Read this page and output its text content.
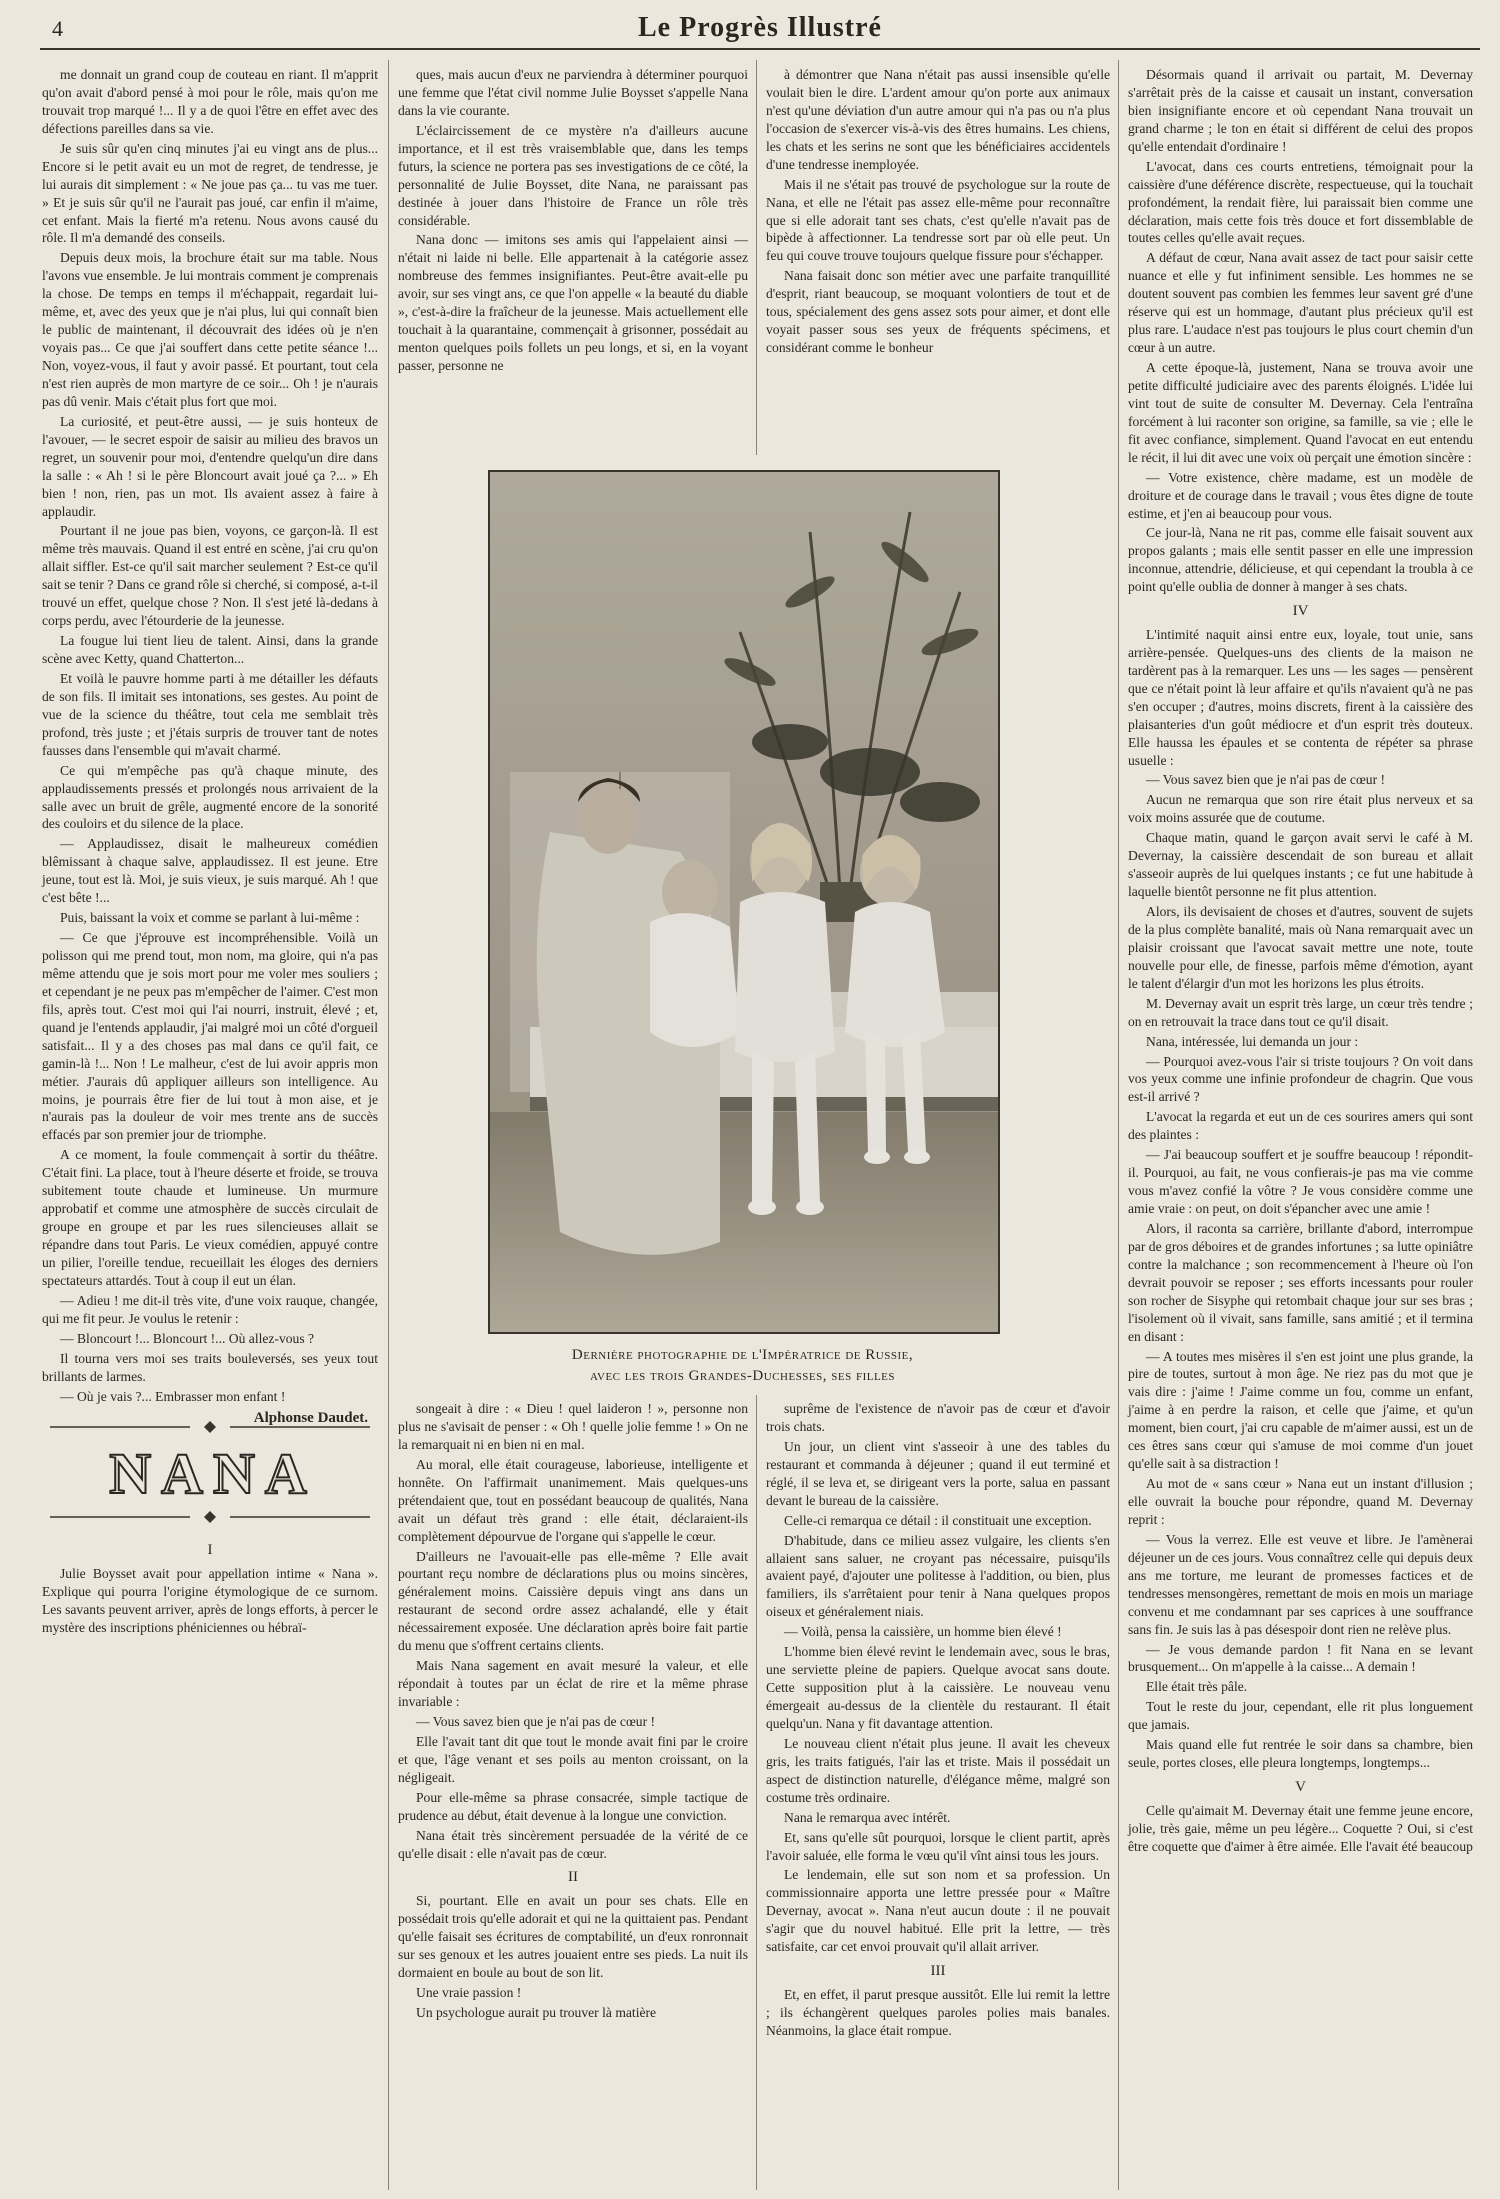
4	Le Progrès Illustré

me donnait un grand coup de couteau en riant. Il m'apprit qu'on avait d'abord pensé à moi pour le rôle, mais qu'on me trouvait trop marqué !... Il y a de quoi l'être en effet avec des défections pareilles dans sa vie.

Je suis sûr qu'en cinq minutes j'ai eu vingt ans de plus... Encore si le petit avait eu un mot de regret, de tendresse, je lui aurais dit simplement : « Ne joue pas ça... tu vas me tuer. » Et je suis sûr qu'il ne l'aurait pas joué, car enfin il m'aime, cet enfant. Mais la fierté m'a retenu. Nous avons causé du rôle. Il m'a demandé des conseils.

Depuis deux mois, la brochure était sur ma table. Nous l'avons vue ensemble. Je lui montrais comment je comprenais la chose. De temps en temps il m'échappait, regardait lui-même, et, avec des yeux que je n'ai plus, lui qui connaît bien le public de maintenant, il découvrait des idées où je n'en voyais pas... Ce que j'ai souffert dans cette petite séance !... Non, voyez-vous, il faut y avoir passé. Et pourtant, tout cela n'est rien auprès de mon martyre de ce soir... Oh ! je n'aurais pas dû venir. Mais c'était plus fort que moi.

La curiosité, et peut-être aussi, — je suis honteux de l'avouer, — le secret espoir de saisir au milieu des bravos un regret, un souvenir pour moi, d'entendre quelqu'un dire dans la salle : « Ah ! si le père Bloncourt avait joué ça ?... » Eh bien ! non, rien, pas un mot. Ils avaient assez à faire à applaudir.

Pourtant il ne joue pas bien, voyons, ce garçon-là. Il est même très mauvais. Quand il est entré en scène, j'ai cru qu'on allait siffler. Est-ce qu'il sait marcher seulement ? Est-ce qu'il sait se tenir ? Dans ce grand rôle si cherché, si composé, a-t-il trouvé un effet, quelque chose ? Non. Il s'est jeté là-dedans à corps perdu, avec l'étourderie de la jeunesse.

La fougue lui tient lieu de talent. Ainsi, dans la grande scène avec Ketty, quand Chatterton...

Et voilà le pauvre homme parti à me détailler les défauts de son fils. Il imitait ses intonations, ses gestes. Au point de vue de la science du théâtre, tout cela me semblait très profond, très juste ; et j'étais surpris de trouver tant de notes fausses dans l'ensemble qui m'avait charmé.

Ce qui m'empêche pas qu'à chaque minute, des applaudissements pressés et prolongés nous arrivaient de la salle avec un bruit de grêle, augmenté encore de la sonorité des couloirs et du silence de la place.

— Applaudissez, disait le malheureux comédien blêmissant à chaque salve, applaudissez. Il est jeune. Etre jeune, tout est là. Moi, je suis vieux, je suis marqué. Ah ! que c'est bête !...

Puis, baissant la voix et comme se parlant à lui-même :

— Ce que j'éprouve est incompréhensible. Voilà un polisson qui me prend tout, mon nom, ma gloire, qui n'a pas même attendu que je sois mort pour me voler mes souliers ; et cependant je ne peux pas m'empêcher de l'aimer. C'est mon fils, après tout. C'est moi qui l'ai nourri, instruit, élevé ; et, quand je l'entends applaudir, j'ai malgré moi un côté d'orgueil satisfait... Il y a des choses pas mal dans ce qu'il fait, ce gamin-là !... Non ! Le malheur, c'est de lui avoir appris mon métier. J'aurais dû appliquer ailleurs son intelligence. Au moins, je pourrais être fier de lui tout à mon aise, et je n'aurais pas la douleur de voir mes trente ans de succès effacés par son premier jour de triomphe.

A ce moment, la foule commençait à sortir du théâtre. C'était fini. La place, tout à l'heure déserte et froide, se trouva subitement toute chaude et lumineuse. Un murmure approbatif et comme une atmosphère de succès circulait de groupe en groupe et par les rues silencieuses allait se répandre dans tout Paris. Le vieux comédien, appuyé contre un pilier, l'oreille tendue, recueillait les éloges des derniers spectateurs attardés. Tout à coup il eut un élan.

— Adieu ! me dit-il très vite, d'une voix rauque, changée, qui me fit peur. Je voulus le retenir :

— Bloncourt !... Bloncourt !... Où allez-vous ?

Il tourna vers moi ses traits bouleversés, ses yeux tout brillants de larmes.

— Où je vais ?... Embrasser mon enfant !

Alphonse Daudet.
NANA
I

Julie Boysset avait pour appellation intime « Nana ». Explique qui pourra l'origine étymologique de ce surnom. Les savants peuvent arriver, après de longs efforts, à percer le mystère des inscriptions phéniciennes ou hébraï-

ques, mais aucun d'eux ne parviendra à déterminer pourquoi une femme que l'état civil nomme Julie Boysset s'appelle Nana dans la vie courante.

L'éclaircissement de ce mystère n'a d'ailleurs aucune importance, et il est très vraisemblable que, dans les temps futurs, la science ne portera pas ses investigations de ce côté, la personnalité de Julie Boysset, dite Nana, ne paraissant pas destinée à jouer dans l'histoire de France un rôle très considérable.

Nana donc — imitons ses amis qui l'appelaient ainsi — n'était ni laide ni belle. Elle appartenait à la catégorie assez nombreuse des femmes insignifiantes. Peut-être avait-elle pu avoir, sur ses vingt ans, ce que l'on appelle « la beauté du diable », c'est-à-dire la fraîcheur de la jeunesse. Mais actuellement elle touchait à la quarantaine, commençait à grisonner, possédait au menton quelques poils follets un peu longs, et si, en la voyant passer, personne ne

à démontrer que Nana n'était pas aussi insensible qu'elle voulait bien le dire. L'ardent amour qu'on porte aux animaux n'est qu'une déviation d'un autre amour qui n'a pas ou n'a plus l'occasion de s'exercer vis-à-vis des êtres humains. Les chiens, les chats et les serins ne sont que les bénéficiaires accidentels d'une tendresse inemployée.

Mais il ne s'était pas trouvé de psychologue sur la route de Nana, et elle ne l'était pas assez elle-même pour reconnaître que si elle adorait tant ses chats, c'est qu'elle n'avait pas de bipède à affectionner. La tendresse sort par où elle peut. Un feu qui couve trouve toujours quelque fissure pour s'échapper.

Nana faisait donc son métier avec une parfaite tranquillité d'esprit, riant beaucoup, se moquant volontiers de tout et de tous, spécialement des gens assez sots pour aimer, et dont elle voyait passer sous ses yeux de fréquents spécimens, et considérant comme le bonheur

Dernière photographie de l'Impératrice de Russie,
avec les trois Grandes-Duchesses, ses filles

Désormais quand il arrivait ou partait, M. Devernay s'arrêtait près de la caisse et causait un instant, conversation bien insignifiante encore et où cependant Nana trouvait un grand charme ; le ton en était si différent de celui des propos qu'elle entendait d'ordinaire !

L'avocat, dans ces courts entretiens, témoignait pour la caissière d'une déférence discrète, respectueuse, qui la touchait profondément, la rendait fière, lui paraissait bien comme une déclaration, mais cette fois très douce et fort dissemblable de toutes celles qu'elle avait reçues.

A défaut de cœur, Nana avait assez de tact pour saisir cette nuance et elle y fut infiniment sensible. Les hommes ne se doutent souvent pas combien les femmes leur savent gré d'une réserve qui est un hommage, d'autant plus précieux qu'il est plus rare. L'audace n'est pas toujours le plus court chemin d'un cœur à un autre.

A cette époque-là, justement, Nana se trouva avoir une petite difficulté judiciaire avec des parents éloignés. L'idée lui vint tout de suite de consulter M. Devernay. Cela l'entraîna forcément à lui raconter son origine, sa famille, sa vie ; elle le fit avec confiance, simplement. Quand l'avocat en eut entendu le récit, il lui dit avec une voix où perçait une émotion sincère :

— Votre existence, chère madame, est un modèle de droiture et de courage dans le travail ; vous êtes digne de toute estime, et j'en ai beaucoup pour vous.

Ce jour-là, Nana ne rit pas, comme elle faisait souvent aux propos galants ; mais elle sentit passer en elle une impression inconnue, attendrie, délicieuse, et qui cependant la troubla à ce point qu'elle oublia de donner à manger à ses chats.

IV

L'intimité naquit ainsi entre eux, loyale, tout unie, sans arrière-pensée. Quelques-uns des clients de la maison ne tardèrent pas à la remarquer. Les uns — les sages — pensèrent que ce n'était point là leur affaire et qu'ils n'avaient qu'à ne pas s'en occuper ; d'autres, moins discrets, firent à la caissière des plaisanteries d'un goût médiocre et d'un esprit très douteux. Elle haussa les épaules et se contenta de répéter sa phrase usuelle :

— Vous savez bien que je n'ai pas de cœur !

Aucun ne remarqua que son rire était plus nerveux et sa voix moins assurée que de coutume.

Chaque matin, quand le garçon avait servi le café à M. Devernay, la caissière descendait de son bureau et allait s'asseoir auprès de lui quelques instants ; ce fut une habitude à laquelle bientôt personne ne fit plus attention.

Alors, ils devisaient de choses et d'autres, souvent de sujets de la plus complète banalité, mais où Nana remarquait avec un plaisir croissant que l'avocat savait mettre une note, toute nouvelle pour elle, de finesse, parfois même d'émotion, ayant le talent d'élargir d'un mot les horizons les plus étroits.

M. Devernay avait un esprit très large, un cœur très tendre ; on en retrouvait la trace dans tout ce qu'il disait.

Nana, intéressée, lui demanda un jour :

— Pourquoi avez-vous l'air si triste toujours ? On voit dans vos yeux comme une infinie profondeur de chagrin. Que vous est-il arrivé ?

L'avocat la regarda et eut un de ces sourires amers qui sont des plaintes :

— J'ai beaucoup souffert et je souffre beaucoup ! répondit-il. Pourquoi, au fait, ne vous confierais-je pas ma vie comme vous m'avez confié la vôtre ? Je vous considère comme une amie vraie : on peut, on doit s'épancher avec une amie !

Alors, il raconta sa carrière, brillante d'abord, interrompue par de gros déboires et de grandes infortunes ; sa lutte opiniâtre contre la malchance ; son recommencement à l'heure où l'on devrait pouvoir se reposer ; ses efforts incessants pour rouler son rocher de Sisyphe qui retombait chaque jour sur ses bras ; l'isolement où il vivait, sans famille, sans amitié ; et il termina en disant :

— A toutes mes misères il s'en est joint une plus grande, la pire de toutes, surtout à mon âge. Ne riez pas du mot que je vais dire : j'aime ! J'aime comme un fou, comme un enfant, j'aime à en perdre la raison, et celle que j'aime, et qu'un moment, bien court, j'ai cru capable de m'aimer aussi, est un de ces êtres sans cœur qui s'amuse de moi comme d'un jouet qu'elle sait à sa distraction !

Au mot de « sans cœur » Nana eut un instant d'illusion ; elle ouvrait la bouche pour répondre, quand M. Devernay reprit :

— Vous la verrez. Elle est veuve et libre. Je l'amènerai déjeuner un de ces jours. Vous connaîtrez celle qui depuis deux ans me torture, me leurant de promesses factices et de tendresses mensongères, remettant de mois en mois un mariage convenu et me condamnant par ses caprices à une souffrance sans fin. Je suis las à pas désespoir dont rien ne relève plus.

— Je vous demande pardon ! fit Nana en se levant brusquement... On m'appelle à la caisse... A demain !

Elle était très pâle.

Tout le reste du jour, cependant, elle rit plus longuement que jamais.

Mais quand elle fut rentrée le soir dans sa chambre, bien seule, portes closes, elle pleura longtemps, longtemps...

V

Celle qu'aimait M. Devernay était une femme jeune encore, jolie, très gaie, même un peu légère... Coquette ? Oui, si c'est être coquette que d'aimer à être aimée. Elle l'avait été beaucoup

songeait à dire : « Dieu ! quel laideron ! », personne non plus ne s'avisait de penser : « Oh ! quelle jolie femme ! » On ne la remarquait ni en bien ni en mal.

Au moral, elle était courageuse, laborieuse, intelligente et honnête. On l'affirmait unanimement. Mais quelques-uns prétendaient que, tout en possédant beaucoup de qualités, Nana avait un défaut très grand : elle était, déclaraient-ils complètement dépourvue de l'organe qui s'appelle le cœur.

D'ailleurs ne l'avouait-elle pas elle-même ? Elle avait pourtant reçu nombre de déclarations plus ou moins sincères, généralement moins. Caissière depuis vingt ans dans un restaurant de second ordre assez achalandé, elle y était nécessairement exposée. Une déclaration après boire fait partie du menu que s'offrent certains clients.

Mais Nana sagement en avait mesuré la valeur, et elle répondait à toutes par un éclat de rire et la même phrase invariable :

— Vous savez bien que je n'ai pas de cœur !

Elle l'avait tant dit que tout le monde avait fini par le croire et que, l'âge venant et ses poils au menton croissant, on la négligeait.

Pour elle-même sa phrase consacrée, simple tactique de prudence au début, était devenue à la longue une conviction.

Nana était très sincèrement persuadée de la vérité de ce qu'elle disait : elle n'avait pas de cœur.

II

Si, pourtant. Elle en avait un pour ses chats. Elle en possédait trois qu'elle adorait et qui ne la quittaient pas. Pendant qu'elle faisait ses écritures de comptabilité, un d'eux ronronnait sur ses genoux et les autres jouaient entre ses pieds. La nuit ils dormaient en boule au bout de son lit.

Une vraie passion !

Un psychologue aurait pu trouver là matière

suprême de l'existence de n'avoir pas de cœur et d'avoir trois chats.

Un jour, un client vint s'asseoir à une des tables du restaurant et commanda à déjeuner ; quand il eut terminé et réglé, il se leva et, se dirigeant vers la porte, salua en passant devant le bureau de la caissière.

Celle-ci remarqua ce détail : il constituait une exception.

D'habitude, dans ce milieu assez vulgaire, les clients s'en allaient sans saluer, ne croyant pas nécessaire, puisqu'ils avaient payé, d'ajouter une politesse à l'addition, ou bien, plus familiers, ils s'arrêtaient pour tenir à Nana quelques propos oiseux et généralement niais.

— Voilà, pensa la caissière, un homme bien élevé !

L'homme bien élevé revint le lendemain avec, sous le bras, une serviette pleine de papiers. Quelque avocat sans doute. Cette supposition plut à la caissière. Le nouveau venu émergeait au-dessus de la clientèle du restaurant. Il était quelqu'un. Nana y fit davantage attention.

Le nouveau client n'était plus jeune. Il avait les cheveux gris, les traits fatigués, l'air las et triste. Mais il possédait un aspect de distinction naturelle, d'élégance même, malgré son costume très ordinaire.

Nana le remarqua avec intérêt.

Et, sans qu'elle sût pourquoi, lorsque le client partit, après l'avoir saluée, elle forma le vœu qu'il vînt ainsi tous les jours.

Le lendemain, elle sut son nom et sa profession. Un commissionnaire apporta une lettre pressée pour « Maître Devernay, avocat ». Nana n'eut aucun doute : il ne pouvait s'agir que du nouvel habitué. Elle prit la lettre, — très satisfaite, car cet envoi prouvait qu'il allait arriver.

III

Et, en effet, il parut presque aussitôt. Elle lui remit la lettre ; ils échangèrent quelques paroles polies mais banales. Néanmoins, la glace était rompue.
